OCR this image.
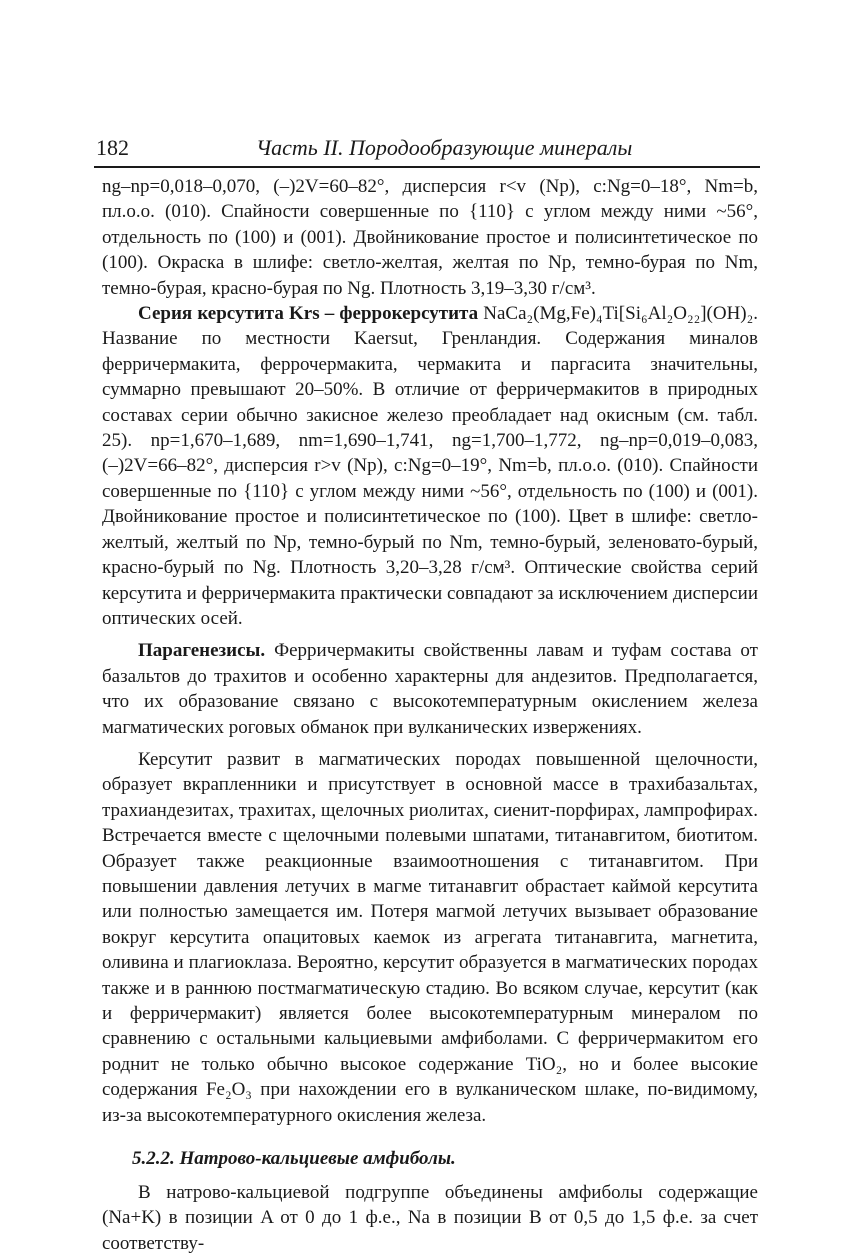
182	Часть II. Породообразующие минералы

ng–np=0,018–0,070, (–)2V=60–82°, дисперсия r<v (Np), c:Ng=0–18°, Nm=b, пл.о.о. (010). Спайности совершенные по {110} с углом между ними ~56°, отдельность по (100) и (001). Двойникование простое и полисинтетическое по (100). Окраска в шлифе: светло-желтая, желтая по Np, темно-бурая по Nm, темно-бурая, красно-бурая по Ng. Плотность 3,19–3,30 г/см³.

Серия керсутита Krs – феррокерсутита NaCa₂(Mg,Fe)₄Ti[Si₆Al₂O₂₂](OH)₂. Название по местности Kaersut, Гренландия. Содержания миналов ферричермакита, феррочермакита, чермакита и паргасита значительны, суммарно превышают 20–50%. В отличие от ферричермакитов в природных составах серии обычно закисное железо преобладает над окисным (см. табл. 25). np=1,670–1,689, nm=1,690–1,741, ng=1,700–1,772, ng–np=0,019–0,083, (–)2V=66–82°, дисперсия r>v (Np), c:Ng=0–19°, Nm=b, пл.о.о. (010). Спайности совершенные по {110} с углом между ними ~56°, отдельность по (100) и (001). Двойникование простое и полисинтетическое по (100). Цвет в шлифе: светло-желтый, желтый по Np, темно-бурый по Nm, темно-бурый, зеленовато-бурый, красно-бурый по Ng. Плотность 3,20–3,28 г/см³. Оптические свойства серий керсутита и ферричермакита практически совпадают за исключением дисперсии оптических осей.

Парагенезисы. Ферричермакиты свойственны лавам и туфам состава от базальтов до трахитов и особенно характерны для андезитов. Предполагается, что их образование связано с высокотемпературным окислением железа магматических роговых обманок при вулканических извержениях.

Керсутит развит в магматических породах повышенной щелочности, образует вкрапленники и присутствует в основной массе в трахибазальтах, трахиандезитах, трахитах, щелочных риолитах, сиенит-порфирах, лампрофирах. Встречается вместе с щелочными полевыми шпатами, титанавгитом, биотитом. Образует также реакционные взаимоотношения с титанавгитом. При повышении давления летучих в магме титанавгит обрастает каймой керсутита или полностью замещается им. Потеря магмой летучих вызывает образование вокруг керсутита опацитовых каемок из агрегата титанавгита, магнетита, оливина и плагиоклаза. Вероятно, керсутит образуется в магматических породах также и в раннюю постмагматическую стадию. Во всяком случае, керсутит (как и ферричермакит) является более высокотемпературным минералом по сравнению с остальными кальциевыми амфиболами. С ферричермакитом его роднит не только обычно высокое содержание TiO₂, но и более высокие содержания Fe₂O₃ при нахождении его в вулканическом шлаке, по-видимому, из-за высокотемпературного окисления железа.

5.2.2. Натрово-кальциевые амфиболы.

В натрово-кальциевой подгруппе объединены амфиболы содержащие (Na+K) в позиции A от 0 до 1 ф.е., Na в позиции B от 0,5 до 1,5 ф.е. за счет соответству-
